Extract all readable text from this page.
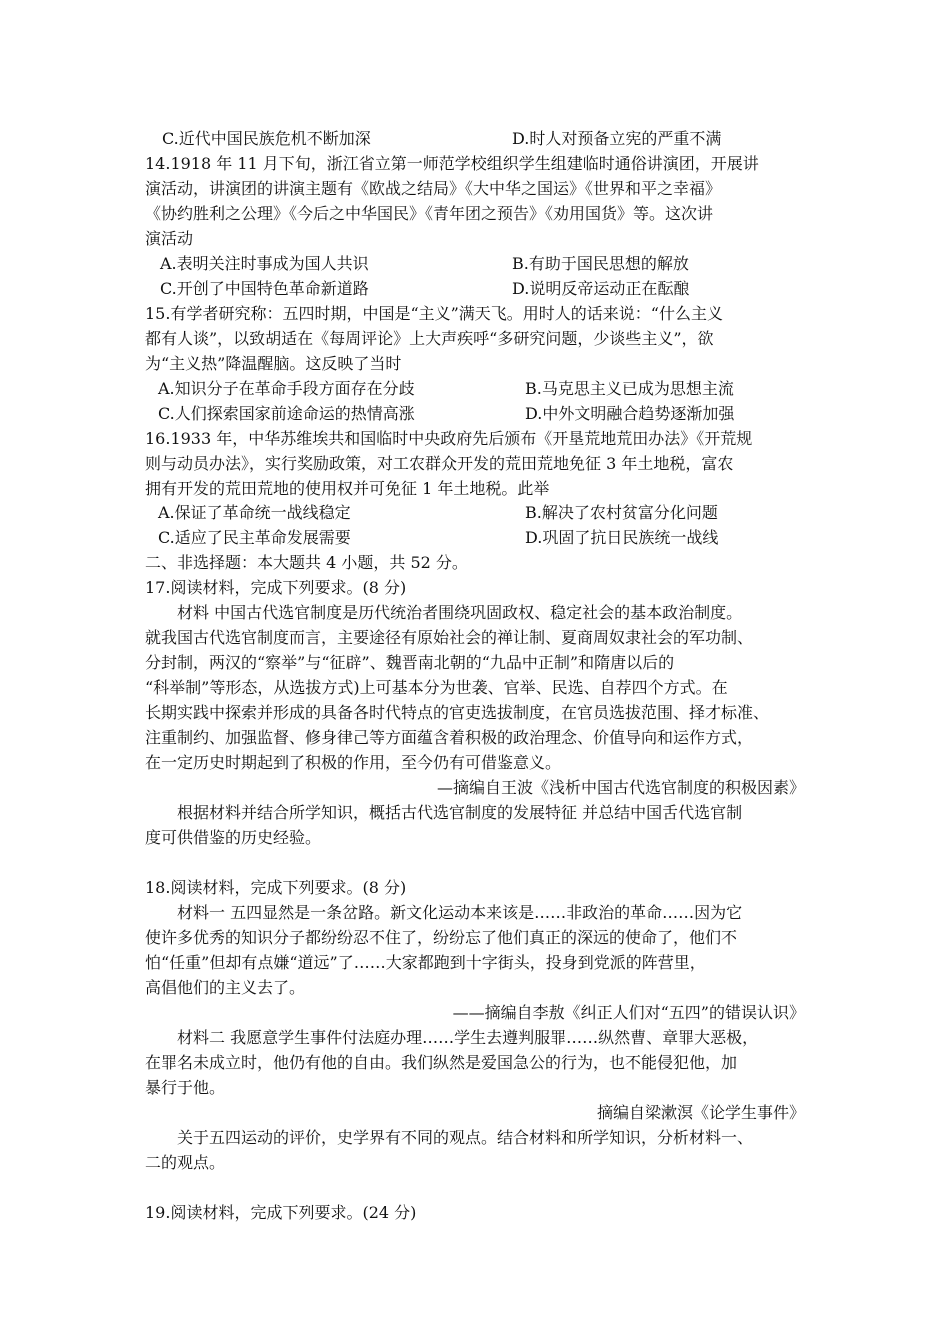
C.近代中国民族危机不断加深	D.时人对预备立宪的严重不满
14.1918 年 11 月下旬，浙江省立第一师范学校组织学生组建临时通俗讲演团，开展讲
演活动，讲演团的讲演主题有《欧战之结局》《大中华之国运》《世界和平之幸福》
《协约胜利之公理》《今后之中华国民》《青年团之预告》《劝用国货》等。这次讲
演活动
A.表明关注时事成为国人共识	B.有助于国民思想的解放
C.开创了中国特色革命新道路	D.说明反帝运动正在酝酿
15.有学者研究称：五四时期，中国是“主义”满天飞。用时人的话来说：“什么主义
都有人谈”，以致胡适在《每周评论》上大声疾呼“多研究问题，少谈些主义”，欲
为“主义热”降温醒脑。这反映了当时
A.知识分子在革命手段方面存在分歧	B.马克思主义已成为思想主流
C.人们探索国家前途命运的热情高涨	D.中外文明融合趋势逐渐加强
16.1933 年，中华苏维埃共和国临时中央政府先后颁布《开垦荒地荒田办法》《开荒规
则与动员办法》，实行奖励政策，对工农群众开发的荒田荒地免征 3 年土地税，富农
拥有开发的荒田荒地的使用权并可免征 1 年土地税。此举
A.保证了革命统一战线稳定	B.解决了农村贫富分化问题
C.适应了民主革命发展需要	D.巩固了抗日民族统一战线
二、非选择题：本大题共 4 小题，共 52 分。
17.阅读材料，完成下列要求。(8 分)
材料 中国古代选官制度是历代统治者围绕巩固政权、稳定社会的基本政治制度。
就我国古代选官制度而言，主要途径有原始社会的禅让制、夏商周奴隶社会的军功制、
分封制，两汉的“察举”与“征辟”、魏晋南北朝的“九品中正制”和隋唐以后的
“科举制”等形态，从选拔方式)上可基本分为世袭、官举、民选、自荐四个方式。在
长期实践中探索并形成的具备各时代特点的官吏选拔制度，在官员选拔范围、择才标准、
注重制约、加强监督、修身律己等方面蕴含着积极的政治理念、价值导向和运作方式，
在一定历史时期起到了积极的作用，至今仍有可借鉴意义。
—摘编自王波《浅析中国古代选官制度的积极因素》
根据材料并结合所学知识，概括古代选官制度的发展特征 并总结中国舌代选官制
度可供借鉴的历史经验。
18.阅读材料，完成下列要求。(8 分)
材料一 五四显然是一条岔路。新文化运动本来该是……非政治的革命……因为它
使许多优秀的知识分子都纷纷忍不住了，纷纷忘了他们真正的深远的使命了，他们不
怕“任重”但却有点嫌“道远”了……大家都跑到十字街头，投身到党派的阵营里，
高倡他们的主义去了。
——摘编自李敖《纠正人们对“五四”的错误认识》
材料二 我愿意学生事件付法庭办理……学生去遵判服罪……纵然曹、章罪大恶极，
在罪名未成立时，他仍有他的自由。我们纵然是爱国急公的行为，也不能侵犯他，加
暴行于他。
摘编自梁漱溟《论学生事件》
关于五四运动的评价，史学界有不同的观点。结合材料和所学知识，分析材料一、
二的观点。
19.阅读材料，完成下列要求。(24 分)
